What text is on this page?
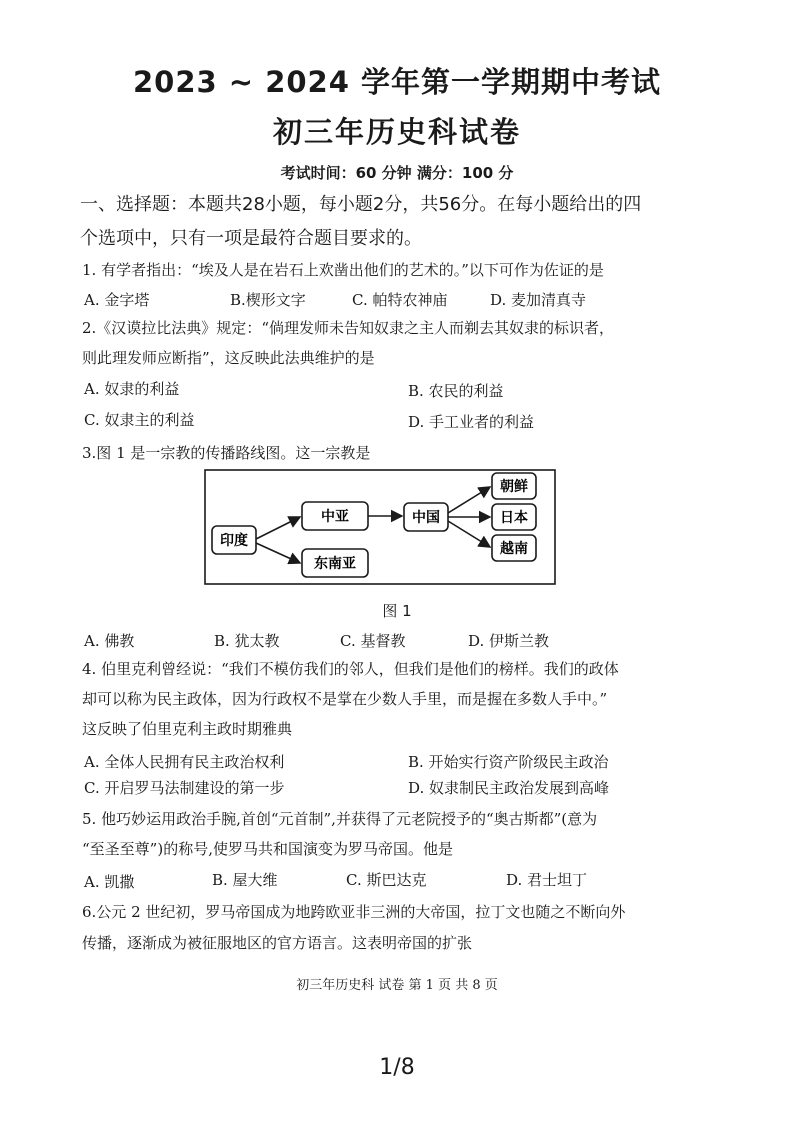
2023 ~ 2024 学年第一学期期中考试
初三年历史科试卷
考试时间：60 分钟 满分：100 分
一、选择题：本题共28小题，每小题2分，共56分。在每小题给出的四
个选项中，只有一项是最符合题目要求的。
1. 有学者指出：“埃及人是在岩石上欢凿出他们的艺术的。”以下可作为佐证的是
A. 金字塔	B.楔形文字	C. 帕特农神庙	D. 麦加清真寺
2.《汉谟拉比法典》规定：“倘理发师未告知奴隶之主人而剃去其奴隶的标识者，
则此理发师应断指”，这反映此法典维护的是
A. 奴隶的利益	B. 农民的利益
C. 奴隶主的利益	D. 手工业者的利益
3.图 1 是一宗教的传播路线图。这一宗教是
印度
中亚
东南亚
中国
朝鲜
日本
越南
图 1
A. 佛教	B. 犹太教	C. 基督教	D. 伊斯兰教
4. 伯里克利曾经说：“我们不模仿我们的邻人，但我们是他们的榜样。我们的政体
却可以称为民主政体，因为行政权不是掌在少数人手里，而是握在多数人手中。”
这反映了伯里克利主政时期雅典
A. 全体人民拥有民主政治权利	B. 开始实行资产阶级民主政治
C. 开启罗马法制建设的第一步	D. 奴隶制民主政治发展到高峰
5. 他巧妙运用政治手腕,首创“元首制”,并获得了元老院授予的“奥古斯都”(意为
“至圣至尊”)的称号,使罗马共和国演变为罗马帝国。他是
A. 凯撒	B. 屋大维	C. 斯巴达克	D. 君士坦丁
6.公元 2 世纪初，罗马帝国成为地跨欧亚非三洲的大帝国，拉丁文也随之不断向外
传播，逐渐成为被征服地区的官方语言。这表明帝国的扩张
初三年历史科 试卷 第 1 页 共 8 页
1/8
